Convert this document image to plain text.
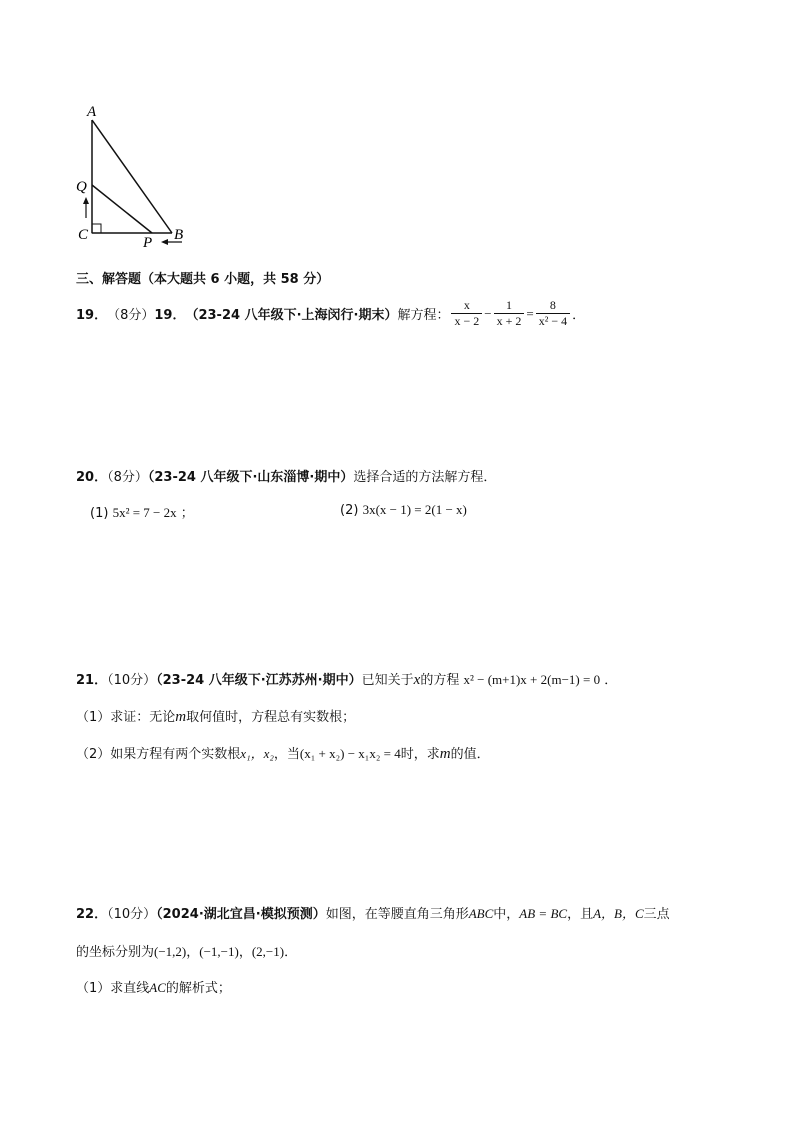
A
Q
C	P B
三、解答题（本大题共 6 小题，共 58 分）
19． （8分） 19． （23-24 八年级下·上海闵行·期末） 解方程： $\frac{x}{x - 2} - \frac{1}{x + 2} = \frac{8}{\text{x² − 4}}$ ．
20．（8分）（23-24 八年级下·山东淄博·期中）选择合适的方法解方程．
(1) 5x² = 7 − 2x ；	(2) 3x(x − 1) = 2(1 − x)
21．（10分）（23-24 八年级下·江苏苏州·期中）已知关于x的方程 x² − (m+1)x + 2(m−1) = 0 ．
（1）求证：无论m取何值时，方程总有实数根；
（2）如果方程有两个实数根x₁，x₂，当(x₁ + x₂) − x₁x₂ = 4时，求m的值．
22．（10分）（2024·湖北宜昌·模拟预测）如图，在等腰直角三角形ABC中，AB = BC，且A，B，C三点
的坐标分别为(−1,2)，(−1,−1)，(2,−1)．
（1）求直线AC的解析式；
